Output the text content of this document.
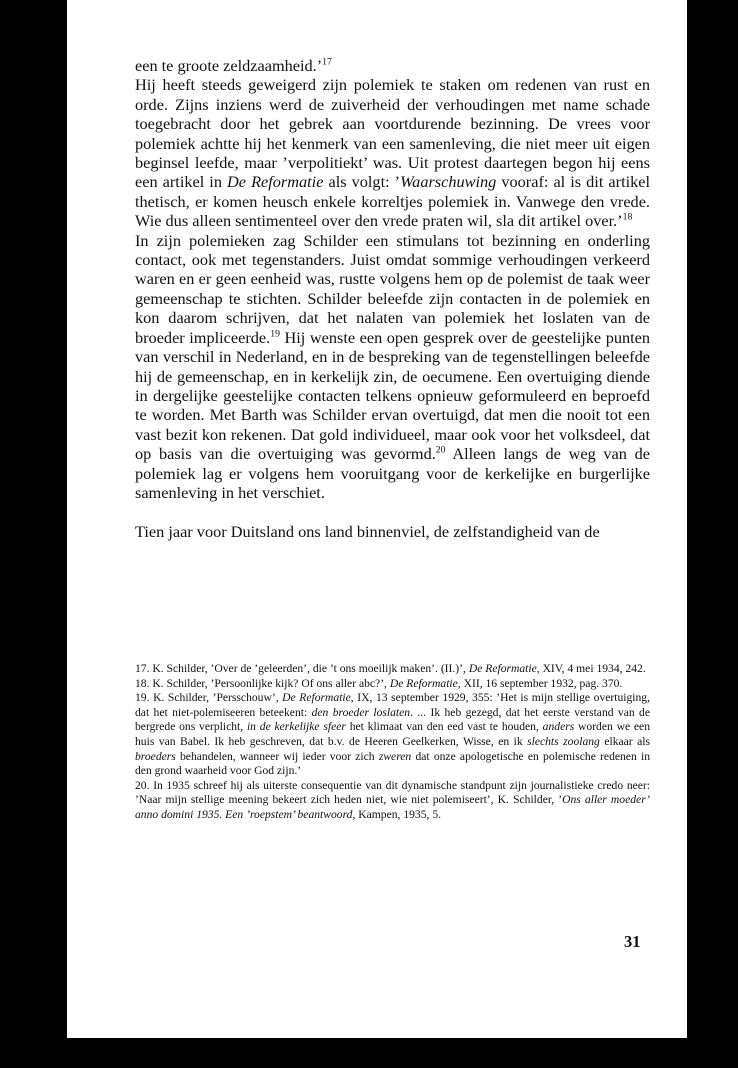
een te groote zeldzaamheid.’$^{17}$

Hij heeft steeds geweigerd zijn polemiek te staken om redenen van rust en orde. Zijns inziens werd de zuiverheid der verhoudingen met name schade toegebracht door het gebrek aan voortdurende bezinning. De vrees voor polemiek achtte hij het kenmerk van een samenleving, die niet meer uit eigen beginsel leefde, maar ’verpolitiekt’ was. Uit protest daartegen begon hij eens een artikel in De Reformatie als volgt: ’Waarschuwing vooraf: al is dit artikel thetisch, er komen heusch enkele korreltjes polemiek in. Vanwege den vrede. Wie dus alleen sentimenteel over den vrede praten wil, sla dit artikel over.’$^{18}$

In zijn polemieken zag Schilder een stimulans tot bezinning en onderling contact, ook met tegenstanders. Juist omdat sommige verhoudingen verkeerd waren en er geen eenheid was, rustte volgens hem op de polemist de taak weer gemeenschap te stichten. Schilder beleefde zijn contacten in de polemiek en kon daarom schrijven, dat het nalaten van polemiek het loslaten van de broeder impliceerde.$^{19}$ Hij wenste een open gesprek over de geestelijke punten van verschil in Nederland, en in de bespreking van de tegenstellingen beleefde hij de gemeenschap, en in kerkelijk zin, de oecumene. Een overtuiging diende in dergelijke geestelijke contacten telkens opnieuw geformuleerd en beproefd te worden. Met Barth was Schilder ervan overtuigd, dat men die nooit tot een vast bezit kon rekenen. Dat gold individueel, maar ook voor het volksdeel, dat op basis van die overtuiging was gevormd.$^{20}$ Alleen langs de weg van de polemiek lag er volgens hem vooruitgang voor de kerkelijke en burgerlijke samenleving in het verschiet.

Tien jaar voor Duitsland ons land binnenviel, de zelfstandigheid van de

17. K. Schilder, ’Over de ’geleerden’, die ’t ons moeilijk maken’. (II.)’, De Reformatie, XIV, 4 mei 1934, 242.

18. K. Schilder, ’Persoonlijke kijk? Of ons aller abc?’, De Reformatie, XII, 16 september 1932, pag. 370.

19. K. Schilder, ’Persschouw’, De Reformatie, IX, 13 september 1929, 355: ’Het is mijn stellige overtuiging, dat het niet-polemiseeren beteekent: den broeder loslaten. ... Ik heb gezegd, dat het eerste verstand van de bergrede ons verplicht, in de kerkelijke sfeer het klimaat van den eed vast te houden, anders worden we een huis van Babel. Ik heb geschreven, dat b.v. de Heeren Geelkerken, Wisse, en ik slechts zoolang elkaar als broeders behandelen, wanneer wij ieder voor zich zweren dat onze apologetische en polemische redenen in den grond waarheid voor God zijn.’

20. In 1935 schreef hij als uiterste consequentie van dit dynamische standpunt zijn journalistieke credo neer: ’Naar mijn stellige meening bekeert zich heden niet, wie niet polemiseert’, K. Schilder, ’Ons aller moeder’ anno domini 1935. Een ’roepstem’ beantwoord, Kampen, 1935, 5.

31
